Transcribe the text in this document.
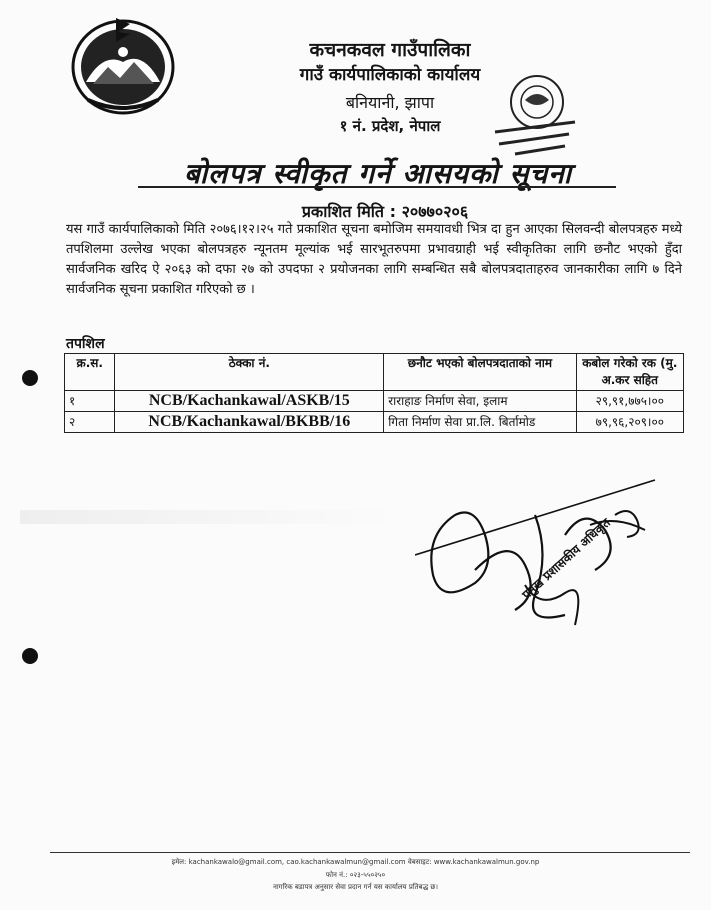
कचनकवल गाउँपालिका
गाउँ कार्यपालिकाको कार्यालय
बनियानी, झापा
१ नं. प्रदेश, नेपाल
बोलपत्र स्वीकृत गर्ने आसयको सूचना
प्रकाशित मिति : २०७७०२०६
यस गाउँ कार्यपालिकाको मिति २०७६।१२।२५ गते प्रकाशित सूचना बमोजिम समयावधी भित्र दा हुन आएका सिलवन्दी बोलपत्रहरु मध्ये तपशिलमा उल्लेख भएका बोलपत्रहरु न्यूनतम मूल्यांक भई सारभूतरुपमा प्रभावग्राही भई स्वीकृतिका लागि छनौट भएको हुँदा सार्वजनिक खरिद ऐ २०६३ को दफा २७ को उपदफा २ प्रयोजनका लागि सम्बन्धित सबै बोलपत्रदाताहरुव जानकारीका लागि ७ दिने सार्वजनिक सूचना प्रकाशित गरिएको छ ।
तपशिल
क्र.स.	ठेक्का नं.	छनौट भएको बोलपत्रदाताको नाम	कबोल गरेको रक (मु. अ.कर सहित
१	NCB/Kachankawal/ASKB/15	राराहाङ निर्माण सेवा, इलाम	२९,९१,७७५।००
२	NCB/Kachankawal/BKBB/16	गिता निर्माण सेवा प्रा.लि. बिर्तामोड	७९,९६,२०९।००
प्रमुख प्रशासकीय अधिकृत
इमेल: kachankawalo@gmail.com, cao.kachankawalmun@gmail.com वेबसाइट: www.kachankawalmun.gov.np
फोन नं.: ०२३-५५०२५०
नागरिक बडापत्र अनुसार सेवा प्रदान गर्न यस कार्यालय प्रतिबद्ध छ।
